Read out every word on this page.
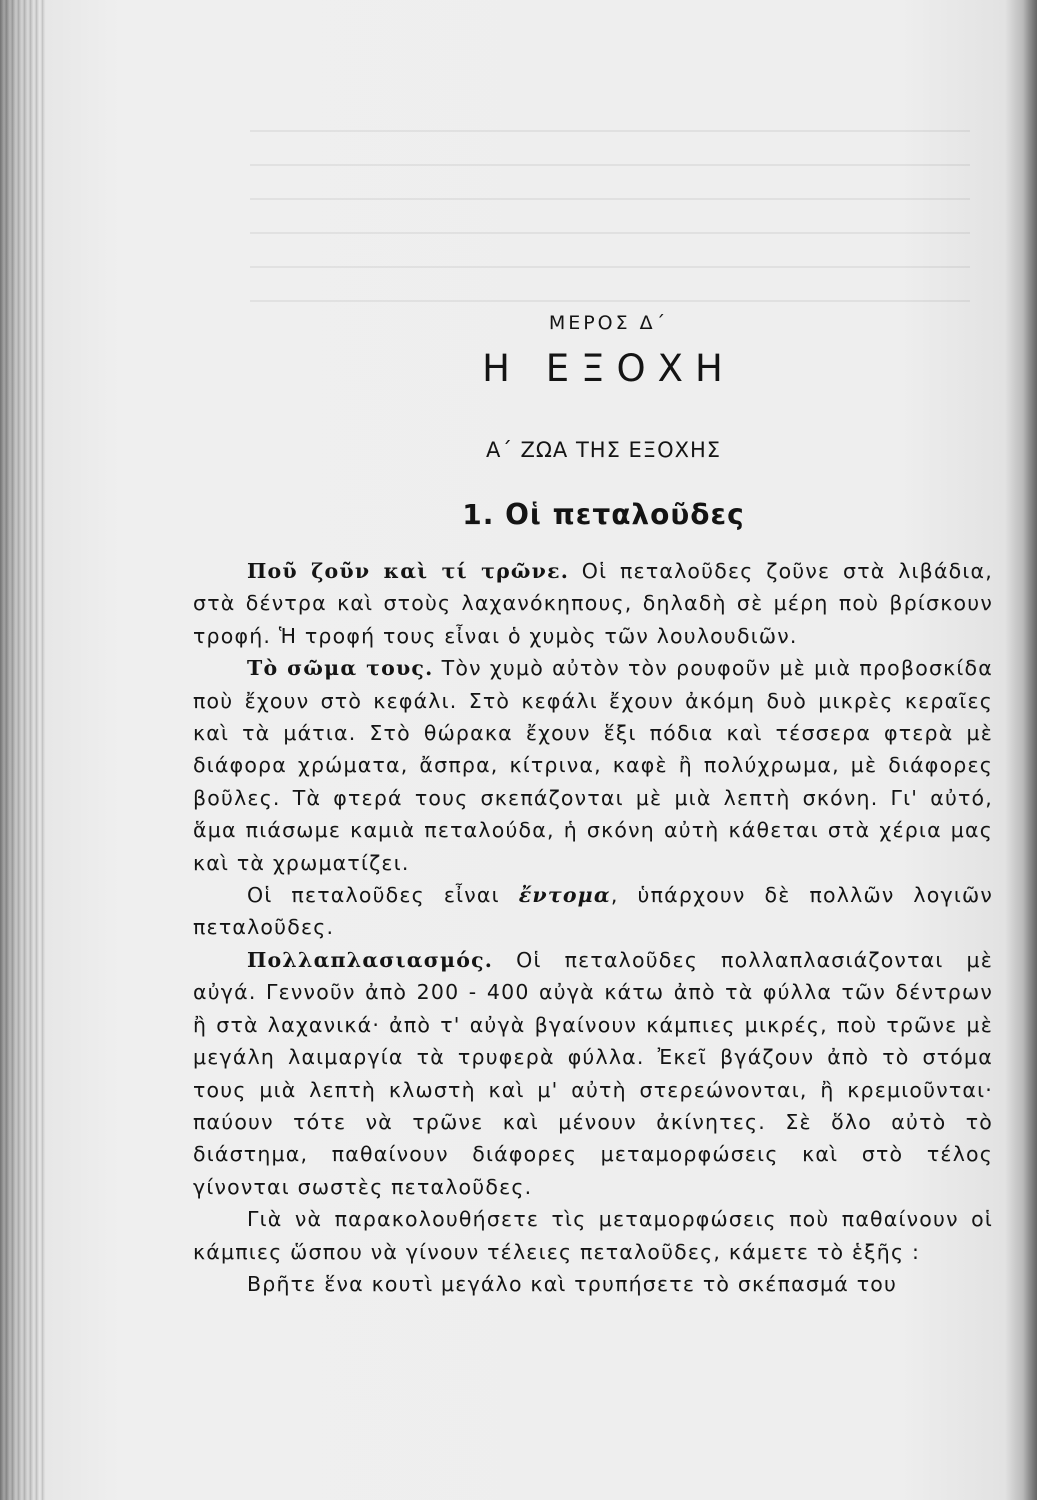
ΜΕΡΟΣ Δ΄
Η ΕΞΟΧΗ
Α΄ ΖΩΑ ΤΗΣ ΕΞΟΧΗΣ
1. Οἱ πεταλοῦδες

Ποῦ ζοῦν καὶ τί τρῶνε. Οἱ πεταλοῦδες ζοῦνε στὰ λιβάδια, στὰ δέντρα καὶ στοὺς λαχανόκηπους, δηλαδὴ σὲ μέρη ποὺ βρίσκουν τροφή. Ἡ τροφή τους εἶναι ὁ χυμὸς τῶν λουλουδιῶν.

Τὸ σῶμα τους. Τὸν χυμὸ αὐτὸν τὸν ρουφοῦν μὲ μιὰ προβοσκίδα ποὺ ἔχουν στὸ κεφάλι. Στὸ κεφάλι ἔχουν ἀκόμη δυὸ μικρὲς κεραῖες καὶ τὰ μάτια. Στὸ θώρακα ἔχουν ἕξι πόδια καὶ τέσσερα φτερὰ μὲ διάφορα χρώματα, ἄσπρα, κίτρινα, καφὲ ἢ πολύχρωμα, μὲ διάφορες βοῦλες. Τὰ φτερά τους σκεπάζονται μὲ μιὰ λεπτὴ σκόνη. Γι' αὐτό, ἅμα πιάσωμε καμιὰ πεταλούδα, ἡ σκόνη αὐτὴ κάθεται στὰ χέρια μας καὶ τὰ χρωματίζει.

Οἱ πεταλοῦδες εἶναι ἔντομα, ὑπάρχουν δὲ πολλῶν λογιῶν πεταλοῦδες.

Πολλαπλασιασμός. Οἱ πεταλοῦδες πολλαπλασιάζονται μὲ αὐγά. Γεννοῦν ἀπὸ 200 - 400 αὐγὰ κάτω ἀπὸ τὰ φύλλα τῶν δέντρων ἢ στὰ λαχανικά· ἀπὸ τ' αὐγὰ βγαίνουν κάμπιες μικρές, ποὺ τρῶνε μὲ μεγάλη λαιμαργία τὰ τρυφερὰ φύλλα. Ἐκεῖ βγάζουν ἀπὸ τὸ στόμα τους μιὰ λεπτὴ κλωστὴ καὶ μ' αὐτὴ στερεώνονται, ἢ κρεμιοῦνται· παύουν τότε νὰ τρῶνε καὶ μένουν ἀκίνητες. Σὲ ὅλο αὐτὸ τὸ διάστημα, παθαίνουν διάφορες μεταμορφώσεις καὶ στὸ τέλος γίνονται σωστὲς πεταλοῦδες.

Γιὰ νὰ παρακολουθήσετε τὶς μεταμορφώσεις ποὺ παθαίνουν οἱ κάμπιες ὥσπου νὰ γίνουν τέλειες πεταλοῦδες, κάμετε τὸ ἑξῆς :

Βρῆτε ἕνα κουτὶ μεγάλο καὶ τρυπήσετε τὸ σκέπασμά του
